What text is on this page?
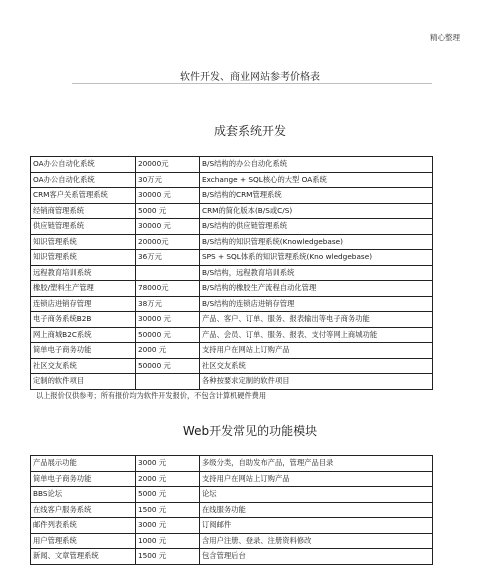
精心整理
软件开发、商业网站参考价格表
成套系统开发
OA办公自动化系统	20000元	B/S结构的办公自动化系统
OA办公自动化系统	30万元	Exchange + SQL核心的大型 OA系统
CRM客户关系管理系统	30000 元	B/S结构的CRM管理系统
经销商管理系统	5000 元	CRM的简化版本(B/S或C/S)
供应链管理系统	30000 元	B/S结构的供应链管理系统
知识管理系统	20000元	B/S结构的知识管理系统(Knowledgebase)
知识管理系统	36万元	SPS + SQL体系的知识管理系统(Kno wledgebase)
远程教育培训系统		B/S结构，远程教育培训系统
橡胶/塑料生产管理	78000元	B/S结构的橡胶生产流程自动化管理
连锁店进销存管理	38万元	B/S结构的连锁店进销存管理
电子商务系统B2B	30000 元	产品、客户、订单、服务、报表输出等电子商务功能
网上商城B2C系统	50000 元	产品、会员、订单、服务、报表、支付等网上商城功能
简单电子商务功能	2000 元	支持用户在网站上订购产品
社区交友系统	50000 元	社区交友系统
定制的软件项目		各种按要求定制的软件项目
以上报价仅供参考；所有报价均为软件开发报价，不包含计算机硬件费用
Web开发常见的功能模块
产品展示功能	3000 元	多级分类，自助发布产品，管理产品目录
简单电子商务功能	2000 元	支持用户在网站上订购产品
BBS论坛	5000 元	论坛
在线客户服务系统	1500 元	在线服务功能
邮件列表系统	3000 元	订阅邮件
用户管理系统	1000 元	含用户注册、登录、注册资料修改
新闻、文章管理系统	1500 元	包含管理后台
